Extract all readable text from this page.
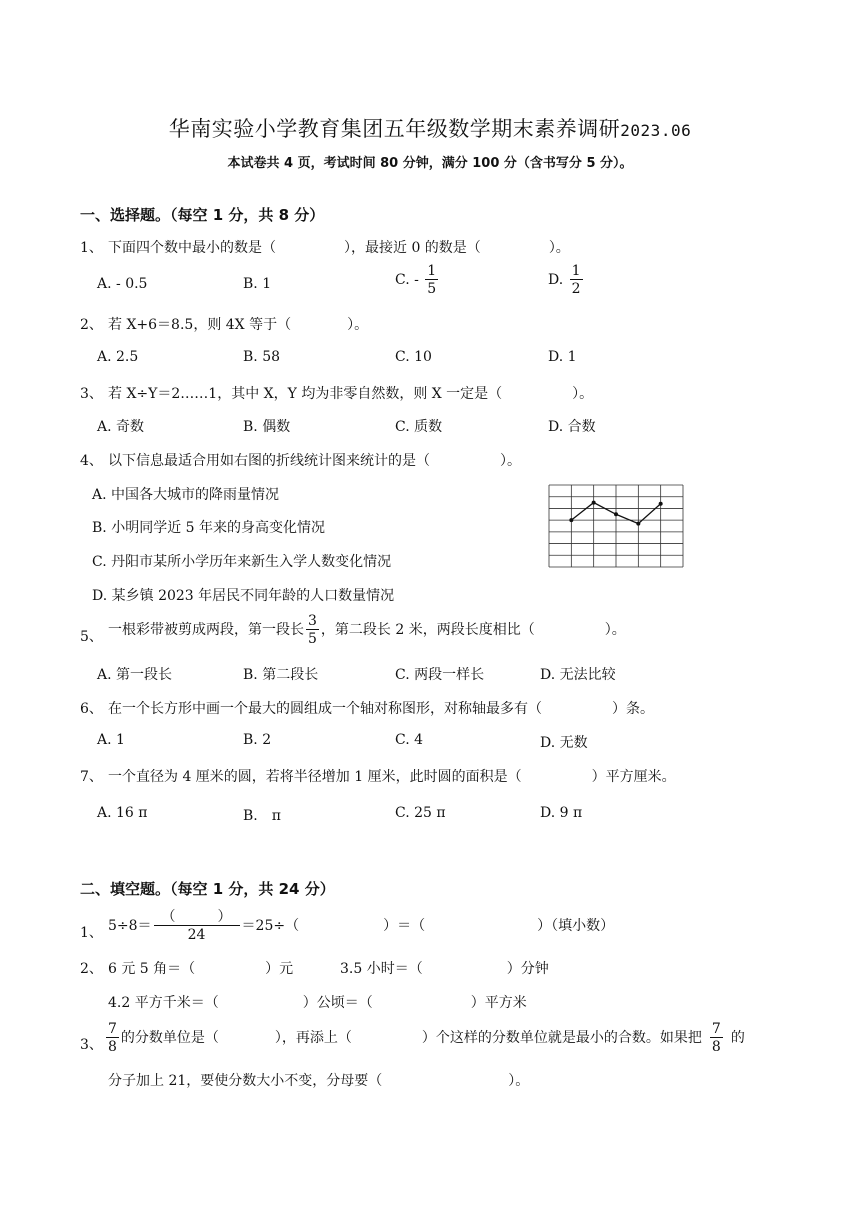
华南实验小学教育集团五年级数学期末素养调研2023.06
本试卷共 4 页，考试时间 80 分钟，满分 100 分（含书写分 5 分）。
一、选择题。（每空 1 分，共 8 分）
1、 下面四个数中最小的数是（	），最接近 0 的数是（	）。
A. - 0.5	B. 1	C. - $\frac{1}{5}$	D. $\frac{1}{2}$
2、 若 X+6＝8.5，则 4X 等于（　　　　）。
A. 2.5	B. 58	C. 10	D. 1
3、 若 X÷Y＝2……1，其中 X，Y 均为非零自然数，则 X 一定是（　　　　　）。
A. 奇数	B. 偶数	C. 质数	D. 合数
4、 以下信息最适合用如右图的折线统计图来统计的是（　　　　　）。
A. 中国各大城市的降雨量情况
B. 小明同学近 5 年来的身高变化情况
C. 丹阳市某所小学历年来新生入学人数变化情况
D. 某乡镇 2023 年居民不同年龄的人口数量情况
5、 一根彩带被剪成两段，第一段长 $\frac{3}{5}$ ，第二段长 2 米，两段长度相比（　　　　　）。
A. 第一段长	B. 第二段长	C. 两段一样长	D. 无法比较
6、 在一个长方形中画一个最大的圆组成一个轴对称图形，对称轴最多有（　　　　　）条。
A. 1	B. 2	C. 4	D. 无数
7、 一个直径为 4 厘米的圆，若将半径增加 1 厘米，此时圆的面积是（　　　　　）平方厘米。
A. 16 π	B.　π	C. 25 π	D. 9 π
二、填空题。（每空 1 分，共 24 分）
1、 $5\div 8= \frac{( )}{24} =25\div$（　　　　　　）＝（　　　　　　　　）（填小数）
2、 6 元 5 角＝（　　　　　）元	3.5 小时＝（　　　　　　）分钟
4.2 平方千米＝（　　　　　　）公顷＝（　　　　　　　）平方米
3、 $\frac{7}{8}$ 的分数单位是（　　　　），再添上（　　　　　）个这样的分数单位就是最小的合数。如果把 $\frac{7}{8}$ 的
分子加上 21，要使分数大小不变，分母要（　　　　　　　　　）。
